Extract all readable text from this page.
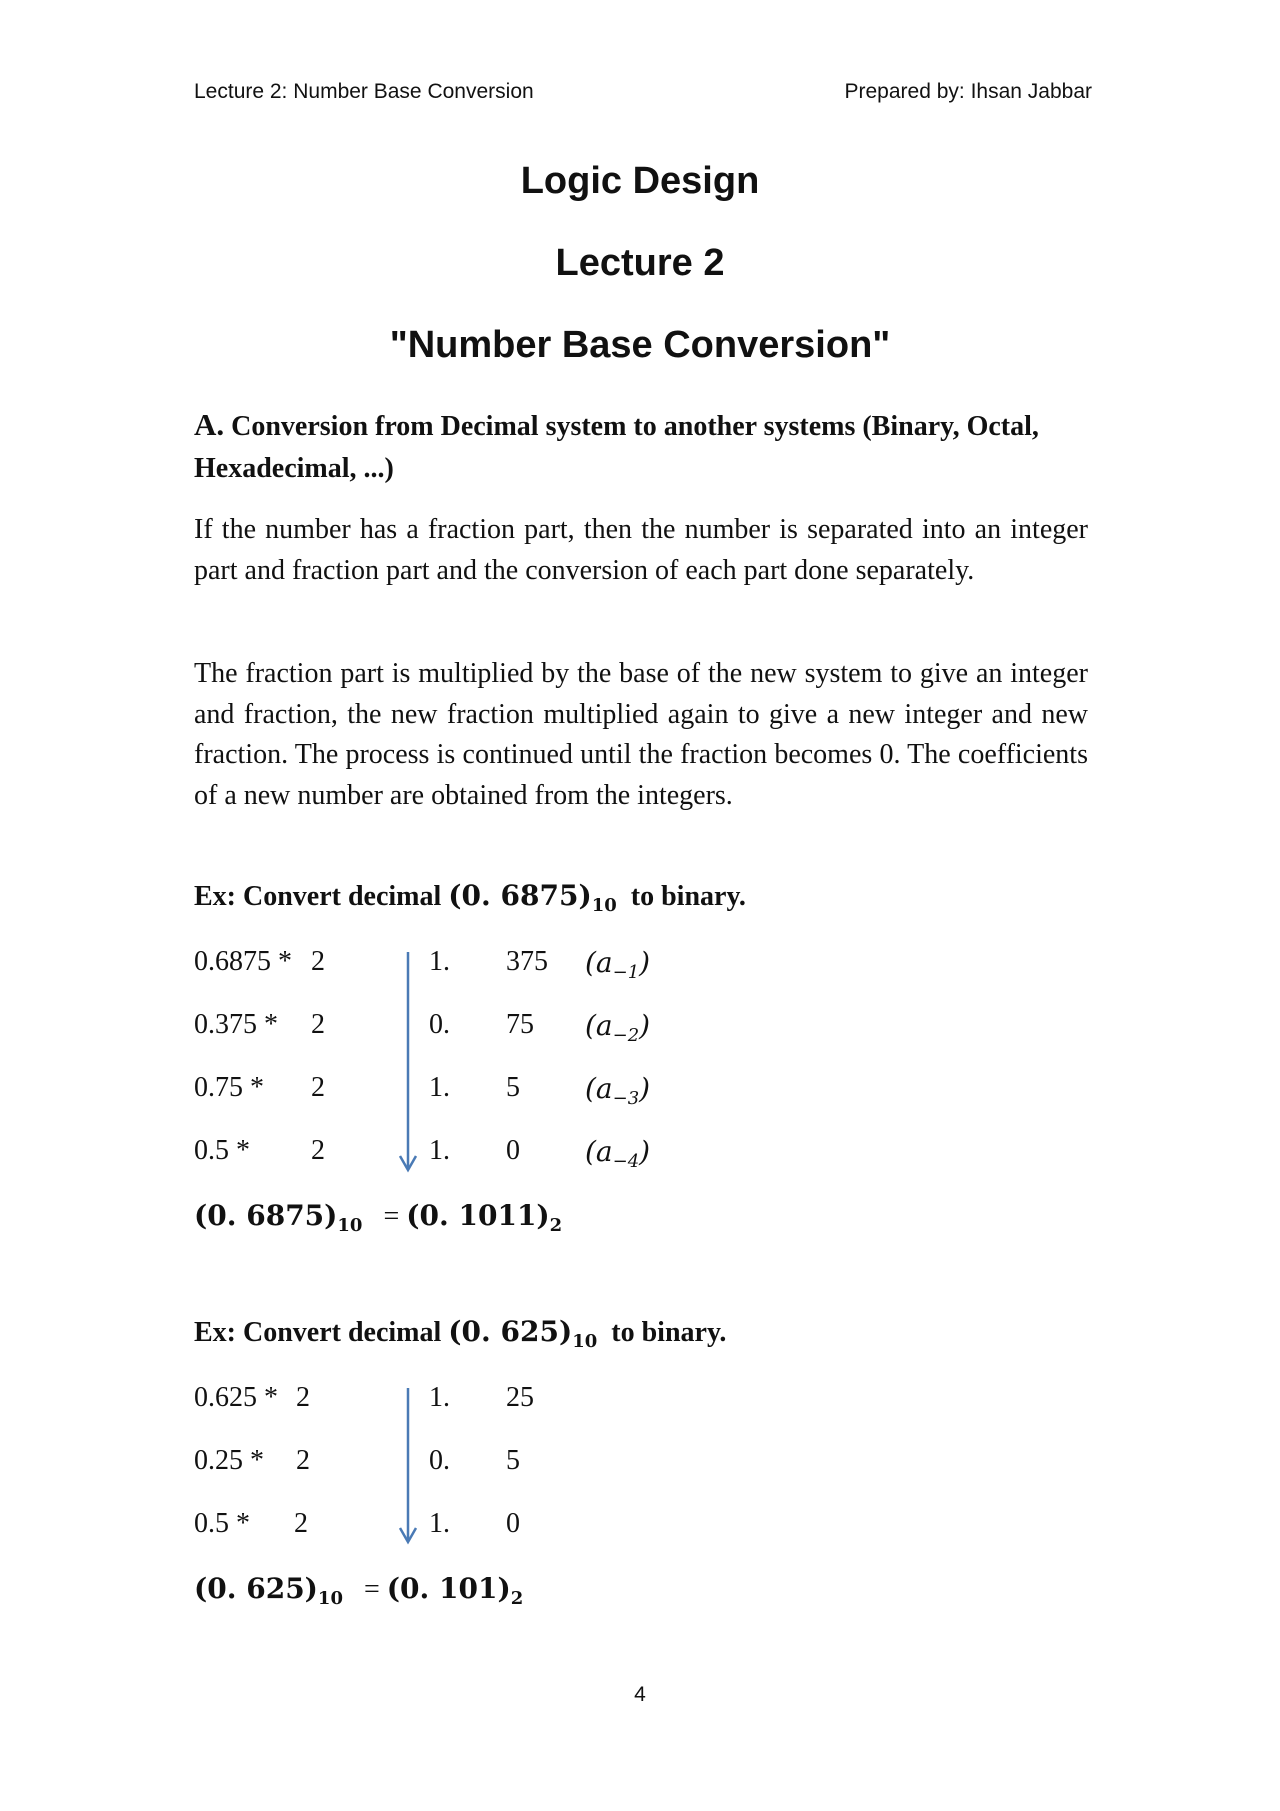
Lecture 2: Number Base Conversion	Prepared by: Ihsan Jabbar
Logic Design
Lecture 2
"Number Base Conversion"
A. Conversion from Decimal system to another systems (Binary, Octal, Hexadecimal, ...)
If the number has a fraction part, then the number is separated into an integer part and fraction part and the conversion of each part done separately.
The fraction part is multiplied by the base of the new system to give an integer and fraction, the new fraction multiplied again to give a new integer and new fraction. The process is continued until the fraction becomes 0. The coefficients of a new number are obtained from the integers.
Ex: Convert decimal (0. $6875)_{10}$ to binary.
0.6875 * 2	1. 375 $(a_{-1})$
0.375 * 2	0. 75 $(a_{-2})$
0.75 * 2	1. 5 $(a_{-3})$
0.5 * 2	1. 0 $(a_{-4})$
(0. $6875)_{10} = (0$. $1011)_2$
Ex: Convert decimal (0. $625)_{10}$ to binary.
0.625 * 2	1. 25
0.25 * 2	0. 5
0.5 * 2	1. 0
(0. $625)_{10} = (0$. $101)_2$
4
